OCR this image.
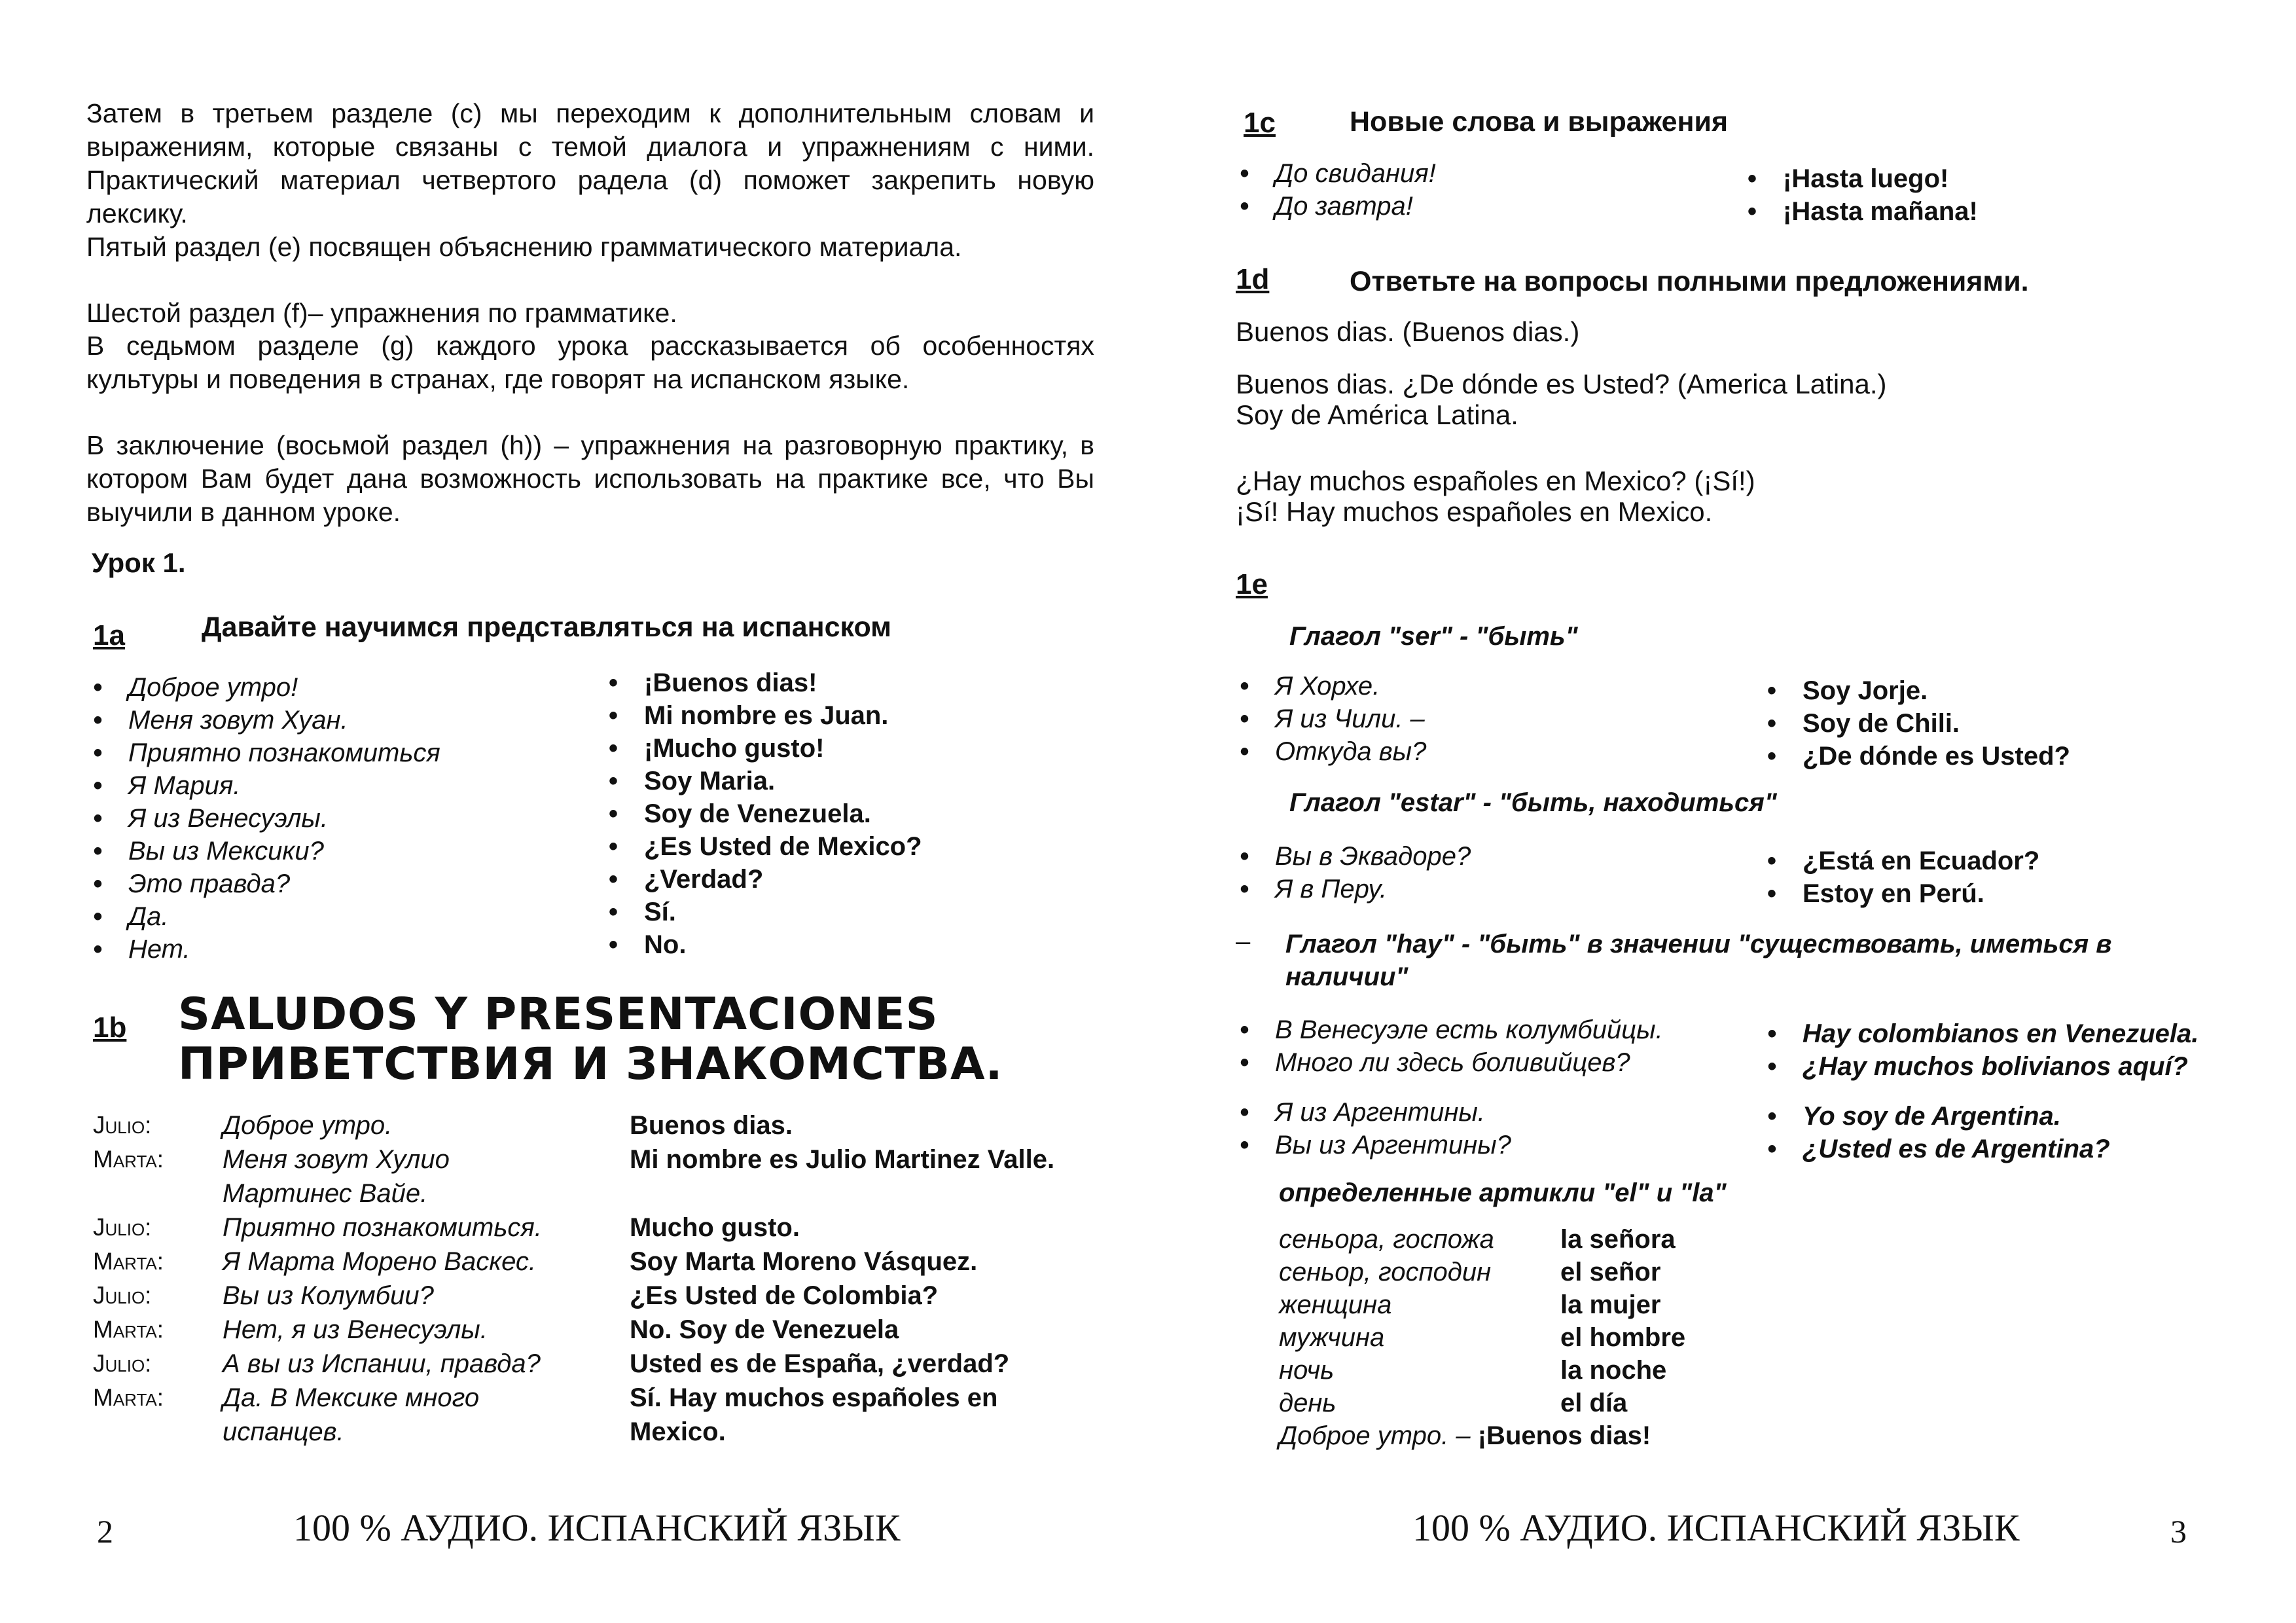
Затем в третьем разделе (с) мы переходим к дополнительным словам и выражениям, которые связаны с темой диалога и упражнениям с ними. Практический материал четвертого радела (d) поможет закрепить новую лексику.

Пятый раздел (е) посвящен объяснению грамматического материала.

Шестой раздел (f)– упражнения по грамматике.

В седьмом разделе (g) каждого урока рассказывается об особенностях культуры и поведения в странах, где говорят на испанском языке.

В заключение (восьмой раздел (h)) – упражнения на разговорную практику, в котором Вам будет дана возможность использовать на практике все, что Вы выучили в данном уроке.

Урок 1.
1а	Давайте научимся представляться на испанском
• Доброе утро!
• Меня зовут Хуан.
• Приятно познакомиться
• Я Мария.
• Я из Венесуэлы.
• Вы из Мексики?
• Это правда?
• Да.
• Нет.
• ¡Buenos dias!
• Mi nombre es Juan.
• ¡Mucho gusto!
• Soy Maria.
• Soy de Venezuela.
• ¿Es Usted de Mexico?
• ¿Verdad?
• Sí.
• No.
1b SALUDOS Y PRESENTACIONES
ПРИВЕТСТВИЯ И ЗНАКОМСТВА.
Julio:	Доброе утро.	Buenos dias.
Marta:	Меня зовут Хулио	Mi nombre es Julio Martinez Valle.
Мартинес Вайе.
Julio:	Приятно познакомиться.	Mucho gusto.
Marta:	Я Марта Морено Васкес.	Soy Marta Moreno Vásquez.
Julio:	Вы из Колумбии?	¿Es Usted de Colombia?
Marta:	Нет, я из Венесуэлы.	No. Soy de Venezuela
Julio:	А вы из Испании, правда?	Usted es de España, ¿verdad?
Marta:	Да. В Мексике много	Sí. Hay muchos españoles en
испанцев.	Mexico.
2	100 % АУДИО. ИСПАНСКИЙ ЯЗЫК
1с	Новые слова и выражения
• До свидания!
• До завтра!
• ¡Hasta luego!
• ¡Hasta mañana!
1d	Ответьте на вопросы полными предложениями.
Buenos dias. (Buenos dias.)
Buenos dias. ¿De dónde es Usted? (America Latina.)
Soy de América Latina.
¿Hay muchos españoles en Mexico? (¡Sí!)
¡Sí! Hay muchos españoles en Mexico.
1е
Глагол "ser" - "быть"
• Я Хорхе.
• Я из Чили. –
• Откуда вы?
• Soy Jorje.
• Soy de Chili.
• ¿De dónde es Usted?
Глагол "estar" - "быть, находиться"
• Вы в Эквадоре?
• Я в Перу.
• ¿Está en Ecuador?
• Estoy en Perú.
– Глагол "hay" - "быть" в значении "существовать, иметься в
наличии"
• В Венесуэле есть колумбийцы.
• Много ли здесь боливийцев?
• Hay colombianos en Venezuela.
• ¿Hay muchos bolivianos aquí?
• Я из Аргентины.
• Вы из Аргентины?
• Yo soy de Argentina.
• ¿Usted es de Argentina?
определенные артикли "el" и "la"
сеньора, госпожа	la señora
сеньор, господин	el señor
женщина	la mujer
мужчина	el hombre
ночь	la noche
день	el día
Доброе утро. –
¡Buenos dias!
100 % АУДИО. ИСПАНСКИЙ ЯЗЫК	3
